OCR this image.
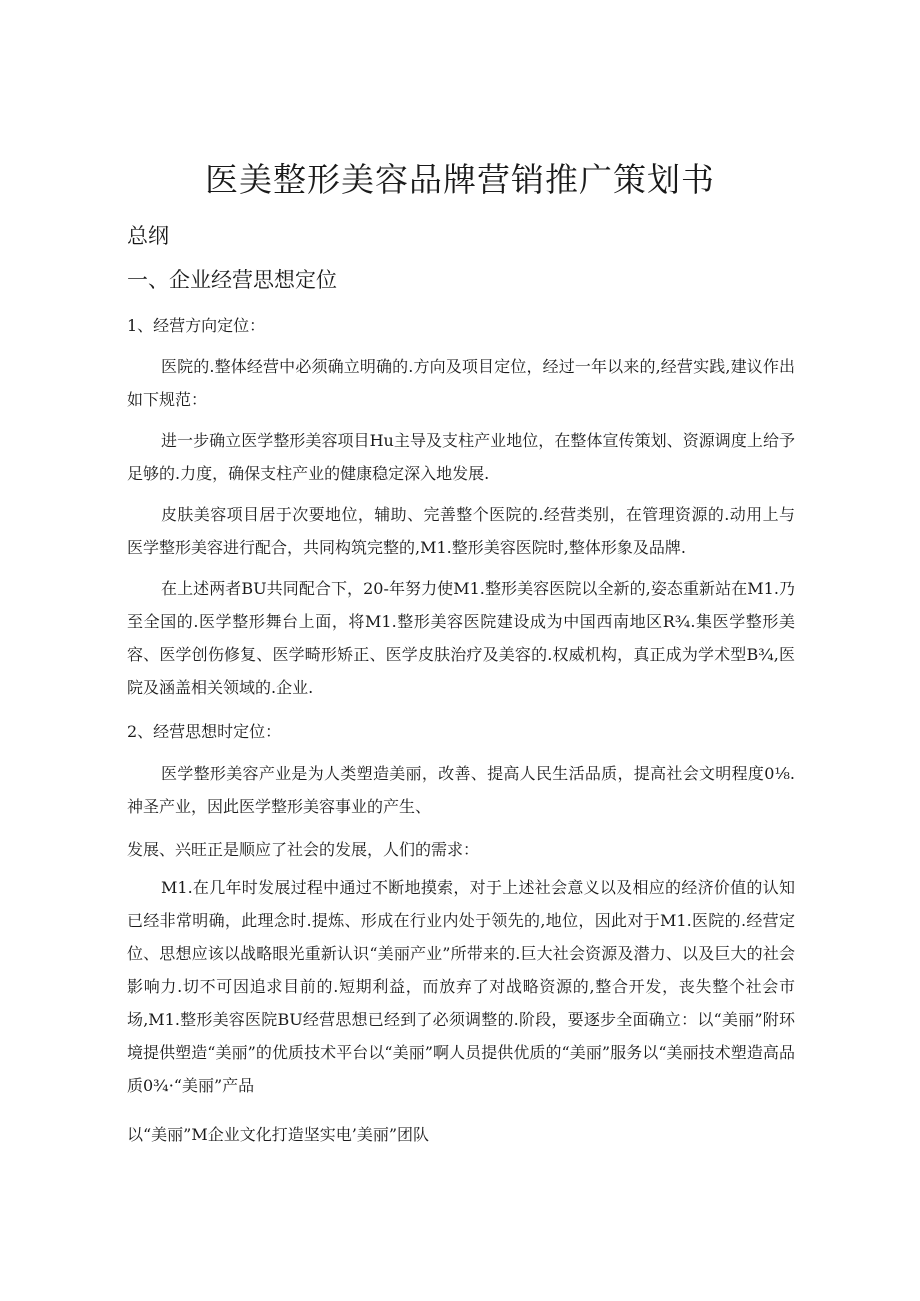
医美整形美容品牌营销推广策划书
总纲
一、企业经营思想定位
1、经营方向定位：
医院的.整体经营中必须确立明确的.方向及项目定位，经过一年以来的,经营实践,建议作出如下规范：
进一步确立医学整形美容项目Hu主导及支柱产业地位，在整体宣传策划、资源调度上给予足够的.力度，确保支柱产业的健康稳定深入地发展.
皮肤美容项目居于次要地位，辅助、完善整个医院的.经营类别，在管理资源的.动用上与医学整形美容进行配合，共同构筑完整的,M1.整形美容医院时,整体形象及品牌.
在上述两者BU共同配合下，20-年努力使M1.整形美容医院以全新的,姿态重新站在M1.乃至全国的.医学整形舞台上面，将M1.整形美容医院建设成为中国西南地区R¾.集医学整形美容、医学创伤修复、医学畸形矫正、医学皮肤治疗及美容的.权威机构，真正成为学术型B¾,医院及涵盖相关领域的.企业.
2、经营思想时定位：
医学整形美容产业是为人类塑造美丽，改善、提高人民生活品质，提高社会文明程度0⅛.神圣产业，因此医学整形美容事业的产生、
发展、兴旺正是顺应了社会的发展，人们的需求：
M1.在几年时发展过程中通过不断地摸索，对于上述社会意义以及相应的经济价值的认知已经非常明确，此理念时.提炼、形成在行业内处于领先的,地位，因此对于M1.医院的.经营定位、思想应该以战略眼光重新认识“美丽产业”所带来的.巨大社会资源及潜力、以及巨大的社会影响力.切不可因追求目前的.短期利益，而放弃了对战略资源的,整合开发，丧失整个社会市场,M1.整形美容医院BU经营思想已经到了必须调整的.阶段，要逐步全面确立：以“美丽”附环境提供塑造“美丽”的优质技术平台以“美丽”啊人员提供优质的“美丽”服务以“美丽技术塑造高品质0¾·“美丽”产品
以“美丽”M企业文化打造坚实电’美丽”团队
